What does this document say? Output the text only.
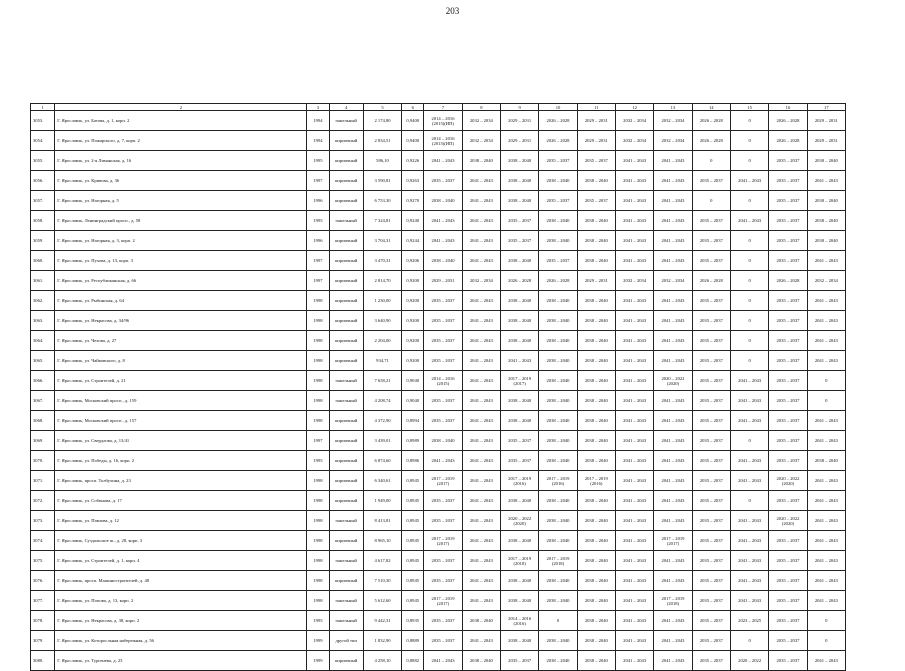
203
1	2	3	4	5	6	7	8	9	10	11	12	13	14	15	16	17
3053.	Г. Ярославль, ул. Батова, д. 1, корп. 2	1994	панельный	2 174,80	0,9400	2014 – 2016 (2015)(ИП)	2032 – 2034	2029 – 2031	2026 – 2028	2029 – 2031	2032 – 2034	2032 – 2034	2026 – 2028	0	2026 – 2028	2029 – 2031
3054.	Г. Ярославль, ул. Пожарского, д. 7, корп. 2	1994	кирпичный	2 834,51	0,9400	2014 – 2016 (2015)(ИП)	2032 – 2034	2029 – 2031	2026 – 2028	2029 – 2031	2032 – 2034	2032 – 2034	2026 – 2028	0	2026 – 2028	2029 – 2031
3055.	Г. Ярославль, ул. 2-я Лиманская, д. 16	1995	кирпичный	586,10	0,9226	2041 – 2043	2038 – 2040	2038 – 2040	2035 – 2037	2035 – 2037	2041 – 2043	2041 – 2043	0	0	2035 – 2037	2038 – 2040
3056.	Г. Ярославль, ул. Кривова, д. 36	1997	кирпичный	3 590,81	0,9263	2035 – 2037	2041 – 2043	2038 – 2040	2038 – 2040	2038 – 2040	2041 – 2043	2041 – 2043	2035 – 2037	2041 – 2043	2035 – 2037	2041 – 2043
3057.	Г. Ярославль, ул. Нагорная, д. 5	1996	кирпичный	6 753,30	0,9270	2038 – 2040	2041 – 2043	2038 – 2040	2035 – 2037	2035 – 2037	2041 – 2043	2041 – 2043	0	0	2035 – 2037	2038 – 2040
3058.	Г. Ярославль, Ленинградский просп., д. 58	1995	панельный	7 324,81	0,9240	2041 – 2043	2041 – 2043	2035 – 2037	2038 – 2040	2038 – 2040	2041 – 2043	2041 – 2043	2035 – 2037	2041 – 2043	2035 – 2037	2038 – 2040
3059.	Г. Ярославль, ул. Нагорная, д. 3, корп. 2	1996	кирпичный	3 704,31	0,9244	2041 – 2043	2041 – 2043	2035 – 2037	2038 – 2040	2038 – 2040	2041 – 2043	2041 – 2043	2035 – 2037	0	2035 – 2037	2038 – 2040
3060.	Г. Ярославль, ул. Пухова, д. 13, корп. 3	1997	кирпичный	3 470,31	0,9206	2038 – 2040	2041 – 2043	2038 – 2040	2035 – 2037	2038 – 2040	2041 – 2043	2041 – 2043	2035 – 2037	0	2035 – 2037	2041 – 2043
3061.	Г. Ярославль, ул. Республиканская, д. 66	1997	кирпичный	2 814,70	0,9200	2029 – 2031	2032 – 2034	2026 – 2028	2026 – 2028	2029 – 2031	2032 – 2034	2032 – 2034	2026 – 2028	0	2026 – 2028	2032 – 2034
3062.	Г. Ярославль, ул. Рыбинская, д. 64	1998	кирпичный	1 230,00	0,9200	2035 – 2037	2041 – 2043	2038 – 2040	2038 – 2040	2038 – 2040	2041 – 2043	2041 – 2043	2035 – 2037	0	2035 – 2037	2041 – 2043
3063.	Г. Ярославль, ул. Некрасова, д. 34/96	1998	кирпичный	3 640,90	0,9200	2035 – 2037	2041 – 2043	2038 – 2040	2038 – 2040	2038 – 2040	2041 – 2043	2041 – 2043	2035 – 2037	0	2035 – 2037	2041 – 2043
3064.	Г. Ярославль, ул. Чехова, д. 27	1998	кирпичный	2 204,00	0,9200	2035 – 2037	2041 – 2043	2038 – 2040	2038 – 2040	2038 – 2040	2041 – 2043	2041 – 2043	2035 – 2037	0	2035 – 2037	2041 – 2043
3065.	Г. Ярославль, ул. Чайковского, д. 8	1998	кирпичный	934,71	0,9200	2035 – 2037	2041 – 2043	2041 – 2043	2038 – 2040	2038 – 2040	2041 – 2043	2041 – 2043	2035 – 2037	0	2035 – 2037	2041 – 2043
3066.	Г. Ярославль, ул. Строителей, д. 21	1998	панельный	7 658,21	0,9040	2014 – 2016 (2015)	2041 – 2043	2017 – 2019 (2017)	2038 – 2040	2038 – 2040	2041 – 2043	2020 – 2022 (2020)	2035 – 2037	2041 – 2043	2035 – 2037	0
3067.	Г. Ярославль, Московский просп., д. 159	1998	панельный	4 208,74	0,9040	2035 – 2037	2041 – 2043	2038 – 2040	2038 – 2040	2038 – 2040	2041 – 2043	2041 – 2043	2035 – 2037	2041 – 2043	2035 – 2037	0
3068.	Г. Ярославль, Московский просп., д. 157	1998	кирпичный	4 372,90	0,8994	2035 – 2037	2041 – 2043	2038 – 2040	2038 – 2040	2038 – 2040	2041 – 2043	2041 – 2043	2035 – 2037	2041 – 2043	2035 – 2037	2041 – 2043
3069.	Г. Ярославль, ул. Свердлова, д. 13/41	1997	кирпичный	3 439,01	0,8989	2038 – 2040	2041 – 2043	2035 – 2037	2038 – 2040	2038 – 2040	2041 – 2043	2041 – 2043	2035 – 2037	0	2035 – 2037	2041 – 2043
3070.	Г. Ярославль, ул. Победы, д. 16, корп. 2	1995	кирпичный	6 874,60	0,8986	2041 – 2043	2041 – 2043	2035 – 2037	2038 – 2040	2038 – 2040	2041 – 2043	2041 – 2043	2035 – 2037	2041 – 2043	2035 – 2037	2038 – 2040
3071.	Г. Ярославль, просп. Толбухина, д. 23	1998	кирпичный	6 340,61	0,8945	2017 – 2019 (2017)	2041 – 2043	2017 – 2019 (2016)	2017 – 2019 (2016)	2017 – 2019 (2016)	2041 – 2043	2041 – 2043	2035 – 2037	2041 – 2043	2020 – 2022 (2020)	2041 – 2043
3072.	Г. Ярославль, ул. Собинова, д. 17	1998	кирпичный	1 949,00	0,8945	2035 – 2037	2041 – 2043	2038 – 2040	2038 – 2040	2038 – 2040	2041 – 2043	2041 – 2043	2035 – 2037	0	2035 – 2037	2041 – 2043
3073.	Г. Ярославль, ул. Павлова, д. 12	1998	панельный	8 413,81	0,8945	2035 – 2037	2041 – 2043	2020 – 2022 (2020)	2038 – 2040	2038 – 2040	2041 – 2043	2041 – 2043	2035 – 2037	2041 – 2043	2020 – 2022 (2020)	2041 – 2043
3074.	Г. Ярославль, Суздальское ш., д. 28, корп. 3	1998	кирпичный	8 965,10	0,8945	2017 – 2019 (2017)	2041 – 2043	2038 – 2040	2038 – 2040	2038 – 2040	2041 – 2043	2017 – 2019 (2017)	2035 – 2037	2041 – 2043	2035 – 2037	2041 – 2043
3075.	Г. Ярославль, ул. Строителей, д. 1, корп. 4	1998	панельный	4 617,82	0,8945	2035 – 2037	2041 – 2043	2017 – 2019 (2018)	2017 – 2019 (2018)	2038 – 2040	2041 – 2043	2041 – 2043	2035 – 2037	2041 – 2043	2035 – 2037	2041 – 2043
3076.	Г. Ярославль, просп. Машиностроителей, д. 48	1998	кирпичный	7 510,30	0,8945	2035 – 2037	2041 – 2043	2038 – 2040	2038 – 2040	2038 – 2040	2041 – 2043	2041 – 2043	2035 – 2037	2041 – 2043	2035 – 2037	2041 – 2043
3077.	Г. Ярославль, ул. Попова, д. 13, корп. 2	1998	панельный	5 612,60	0,8945	2017 – 2019 (2017)	2041 – 2043	2038 – 2040	2038 – 2040	2038 – 2040	2041 – 2043	2017 – 2019 (2018)	2035 – 2037	2041 – 2043	2035 – 2037	2041 – 2043
3078.	Г. Ярославль, ул. Некрасова, д. 38, корп. 2	1995	панельный	9 442,31	0,8935	2035 – 2037	2038 – 2040	2014 – 2016 (2016)	0	2038 – 2040	2041 – 2043	2041 – 2043	2035 – 2037	2023 – 2025	2035 – 2037	0
3079.	Г. Ярославль, ул. Которосльная набережная, д. 56	1999	другой тип	1 832,90	0,8889	2035 – 2037	2041 – 2043	2038 – 2040	2038 – 2040	2038 – 2040	2041 – 2043	2041 – 2043	2035 – 2037	0	2035 – 2037	0
3080.	Г. Ярославль, ул. Тургенева, д. 23	1999	кирпичный	4 258,10	0,8882	2041 – 2043	2038 – 2040	2035 – 2037	2038 – 2040	2038 – 2040	2041 – 2043	2041 – 2043	2035 – 2037	2020 – 2022	2035 – 2037	2041 – 2043
